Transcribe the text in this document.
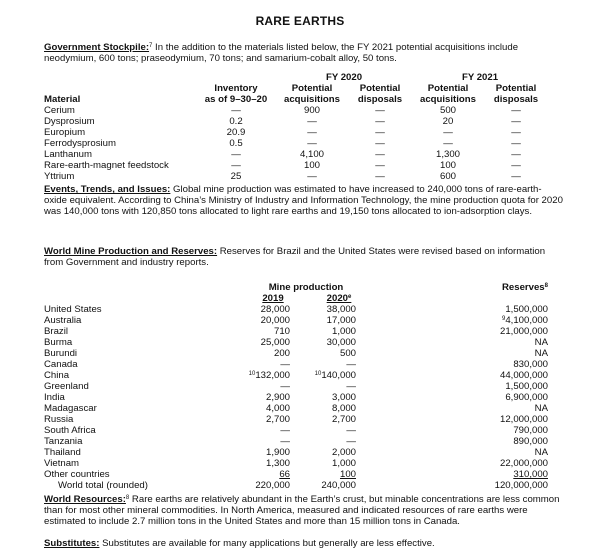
RARE EARTHS
Government Stockpile:$^7$ In the addition to the materials listed below, the FY 2021 potential acquisitions include neodymium, 600 tons; praseodymium, 70 tons; and samarium-cobalt alloy, 50 tons.
		FY 2020		FY 2021	
	Inventory	Potential	Potential	Potential	Potential
Material	as of 9–30–20	acquisitions	disposals	acquisitions	disposals
Cerium	—	900	—	500	—
Dysprosium	0.2	—	—	20	—
Europium	20.9	—	—	—	—
Ferrodysprosium	0.5	—	—	—	—
Lanthanum	—	4,100	—	1,300	—
Rare-earth-magnet feedstock	—	100	—	100	—
Yttrium	25	—	—	600	—
Events, Trends, and Issues: Global mine production was estimated to have increased to 240,000 tons of rare-earth-oxide equivalent. According to China’s Ministry of Industry and Information Technology, the mine production quota for 2020 was 140,000 tons with 120,850 tons allocated to light rare earths and 19,150 tons allocated to ion-adsorption clays.
World Mine Production and Reserves: Reserves for Brazil and the United States were revised based on information from Government and industry reports.
	Mine production		Reserves$^8$
	2019	2020e	
United States	28,000	38,000	1,500,000
Australia	20,000	17,000	$^9$4,100,000
Brazil	710	1,000	21,000,000
Burma	25,000	30,000	NA
Burundi	200	500	NA
Canada	—	—	830,000
China	$^{10}$132,000	$^{10}$140,000	44,000,000
Greenland	—	—	1,500,000
India	2,900	3,000	6,900,000
Madagascar	4,000	8,000	NA
Russia	2,700	2,700	12,000,000
South Africa	—	—	790,000
Tanzania	—	—	890,000
Thailand	1,900	2,000	NA
Vietnam	1,300	1,000	22,000,000
Other countries	66	100	310,000
World total (rounded)	220,000	240,000	120,000,000
World Resources:$^8$ Rare earths are relatively abundant in the Earth’s crust, but minable concentrations are less common than for most other mineral commodities. In North America, measured and indicated resources of rare earths were estimated to include 2.7 million tons in the United States and more than 15 million tons in Canada.
Substitutes: Substitutes are available for many applications but generally are less effective.
